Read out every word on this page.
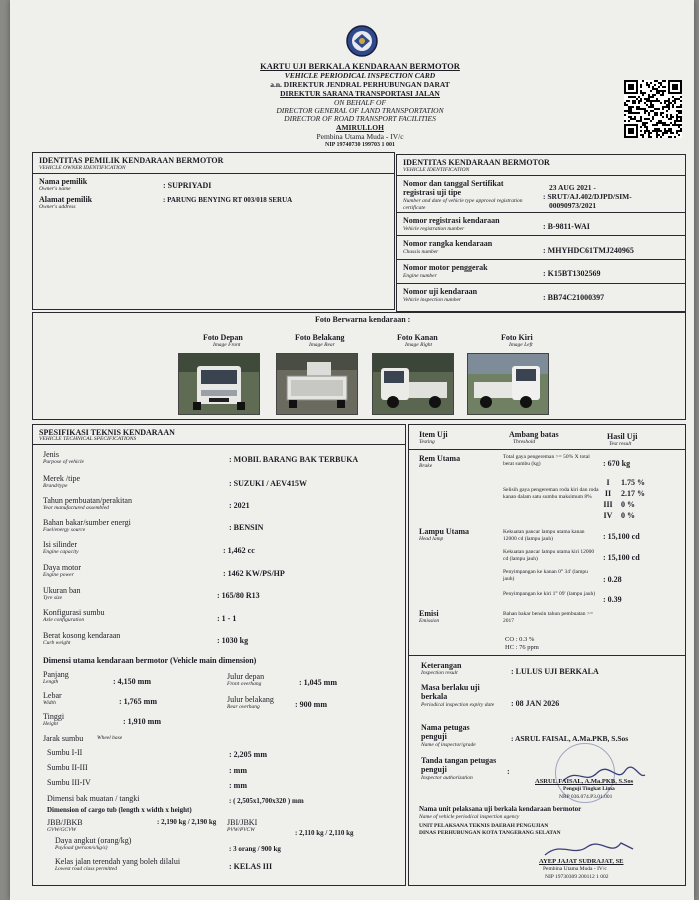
KARTU UJI BERKALA KENDARAAN BERMOTOR
VEHICLE PERIODICAL INSPECTION CARD
a.n. DIREKTUR JENDRAL PERHUBUNGAN DARAT
DIREKTUR SARANA TRANSPORTASI JALAN
ON BEHALF OF
DIRECTOR GENERAL OF LAND TRANSPORTATION
DIRECTOR OF ROAD TRANSPORT FACILITIES
AMIRULLOH
Pembina Utama Muda - IV/c
NIP 19740730 199703 1 001
IDENTITAS PEMILIK KENDARAAN BERMOTOR
VEHICLE OWNER IDENTIFICATION
Nama pemilik
Owner's name	: SUPRIYADI
Alamat pemilik
Owner's address
: PARUNG BENYING RT 003/018 SERUA
IDENTITAS KENDARAAN BERMOTOR
VEHICLE IDENTIFICATION
Nomor dan tanggal Sertifikat registrasi uji tipe
Number and date of vehicle type approval registration certificate
23 AUG 2021 -
: SRUT/AJ.402/DJPD/SIM-
00090973/2021
Nomor registrasi kendaraan
Vehicle registration number	: B-9811-WAI
Nomor rangka kendaraan
Chassis number	: MHYHDC61TMJ240965
Nomor motor penggerak
Engine number	: K15BT1302569
Nomor uji kendaraan
Vehicle inspection number	: BB74C21000397
Foto Berwarna kendaraan :
Foto Depan
Image Front
Foto Belakang
Image Rear
Foto Kanan
Image Right
Foto Kiri
Image Left
SPESIFIKASI TEKNIS KENDARAAN
VEHICLE TECHNICAL SPECIFICATIONS
Jenis
Purpose of vehicle	: MOBIL BARANG BAK TERBUKA
Merek /tipe
Brand/type	: SUZUKI / AEV415W
Tahun pembuatan/perakitan
Year manufactured assembled	: 2021
Bahan bakar/sumber energi
Fuel/energy source	: BENSIN
Isi silinder
Engine capacity	: 1,462 cc
Daya motor
Engine power	: 1462 KW/PS/HP
Ukuran ban
Tyre size	: 165/80 R13
Konfigurasi sumbu
Axle configuration	: 1 - 1
Berat kosong kendaraan
Curb weight	: 1030 kg
Dimensi utama kendaraan bermotor (Vehicle main dimension)
Panjang
Length	: 4,150 mm
Julur depan
Front overhang	: 1,045 mm
Lebar
Width	: 1,765 mm	Julur belakang
Rear overhang	: 900 mm
Tinggi
Height	: 1,910 mm
Jarak sumbu	Wheel base
Sumbu I-II	: 2,205 mm
Sumbu II-III	: mm
Sumbu III-IV	: mm
Dimensi bak muatan / tangki	: ( 2,505x1,700x320 ) mm
Dimension of cargo tub (length x width x height)
JBB/JBKB
GVW/GCVW
: 2,190 kg / 2,190 kg	JBI/JBKI
PVW/PVCW	: 2,110 kg / 2,110 kg
Daya angkut (orang/kg)
Payload (person/s/kg/s)	: 3 orang / 900 kg
Kelas jalan terendah yang boleh dilalui
Lowest road class permitted	: KELAS III
Item Uji
Testing
Ambang batas
Threshold
Hasil Uji
Test result
Rem Utama
Brake
Total gaya pengereman >= 50% X total berat sumbu (kg)	: 670 kg
Selisih gaya pengereman roda kiri dan roda kanan dalam satu sumbu maksimum 8%
I	1.75 %
II 2.17 %
III 0 %
IV 0 %
Lampu Utama
Head lamp
Kekuatan pancar lampu utama kanan 12000 cd (lampu jauh)	: 15,100 cd
Kekuatan pancar lampu utama kiri 12000 cd (lampu jauh)	: 15,100 cd
Penyimpangan ke kanan 0° 34' (lampu jauh)	: 0.28
Penyimpangan ke kiri 1° 09' (lampu jauh)
: 0.39
Emisi
Emission
Bahan bakar bensin tahun pembuatan >= 2017
CO : 0.3 %
HC : 76 ppm
Keterangan
Inspection result	: LULUS UJI BERKALA
Masa berlaku uji berkala
Periodical inspection expiry date	: 08 JAN 2026
Nama petugas penguji
Name of inspector/grade
: ASRUL FAISAL, A.Ma.PKB, S.Sos
Tanda tangan petugas penguji
Inspector authorization
:
ASRUL FAISAL, A.Ma.PKB, S.Sos
Penguji Tingkat Lima
NRP 036.074.P3.01.001
Nama unit pelaksana uji berkala kendaraan bermotor
Name of vehicle periodical inspection agency
UNIT PELAKSANA TEKNIS DAERAH PENGUJIAN
DINAS PERHUBUNGAN KOTA TANGERANG SELATAN
AYEP JAJAT SUDRAJAT, SE
Pembina Utama Muda - IV/c
NIP 19730309 200112 1 002
